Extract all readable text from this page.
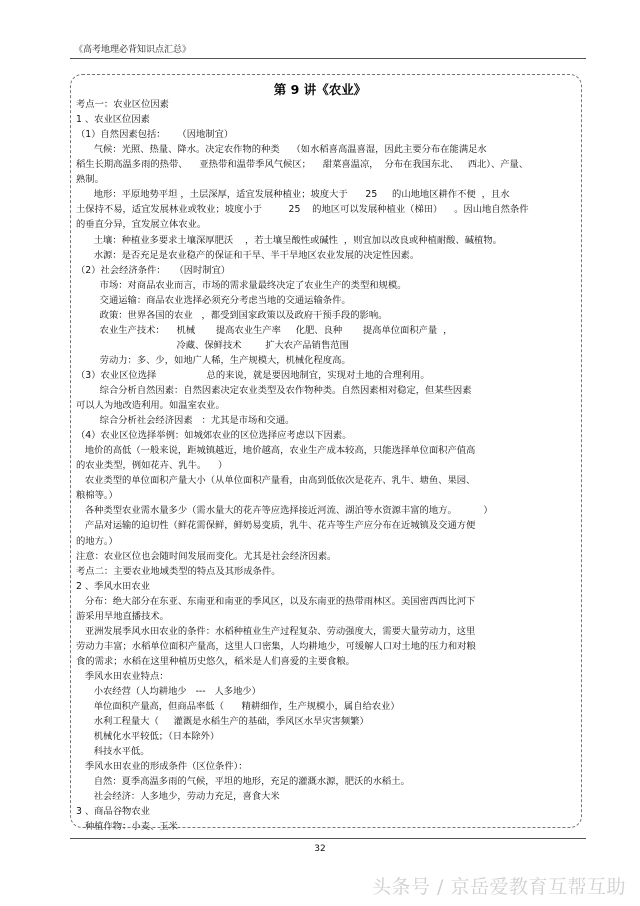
《高考地理必背知识点汇总》
第 9 讲《农业》
考点一：农业区位因素
1 、农业区位因素
（1）自然因素包括：    （因地制宜）
气候：光照、热量、降水。决定农作物的种类    （如水稻喜高温喜湿，因此主要分布在能满足水
稻生长期高温多雨的热带、    亚热带和温带季风气候区；    甜菜喜温凉，  分布在我国东北、   西北）、产量、
熟制。
地形：平原地势平坦 ，土层深厚，适宜发展种植业；坡度大于      25     的山地地区耕作不便  ，且水
土保持不易，适宜发展林业或牧业；坡度小于         25    的地区可以发展种植业（梯田）    。因山地自然条件
的垂直分异，宜发展立体农业。
土壤：种植业多要求土壤深厚肥沃    ，若土壤呈酸性或碱性  ，则宜加以改良或种植耐酸、碱植物。
水源：是否充足是农业稳产的保证和干旱、半干旱地区农业发展的决定性因素。
（2）社会经济条件：   （因时制宜）
市场：对商品农业而言，市场的需求量最终决定了农业生产的类型和规模。
交通运输：商品农业选择必须充分考虑当地的交通运输条件。
政策：世界各国的农业   ，都受到国家政策以及政府干预手段的影响。
农业生产技术：    机械       提高农业生产率     化肥、良种       提高单位面积产量  ，
冷藏、保鲜技术        扩大农产品销售范围
劳动力：多、少，如地广人稀，生产规模大，机械化程度高。
（3）农业区位选择                 总的来说，就是要因地制宜，实现对土地的合理利用。
综合分析自然因素：自然因素决定农业类型及农作物种类。自然因素相对稳定，但某些因素
可以人为地改造利用。如温室农业。
综合分析社会经济因素   ：尤其是市场和交通。
（4）农业区位选择举例：如城郊农业的区位选择应考虑以下因素。
地价的高低（一般来说，距城镇越近，地价越高，农业生产成本较高，只能选择单位面积产值高
的农业类型，例如花卉、乳牛。    ）
农业类型的单位面积产量大小（从单位面积产量看，由高到低依次是花卉、乳牛、塘鱼、果园、
粮棉等。）
各种类型农业需水量多少（需水量大的花卉等应选择接近河流、湖泊等水资源丰富的地方。         ）
产品对运输的迫切性（鲜花需保鲜，鲜奶易变质，乳牛、花卉等生产应分布在近城镇及交通方便
的地方。）
注意：农业区位也会随时间发展而变化。尤其是社会经济因素。
考点二：主要农业地域类型的特点及其形成条件。
2 、季风水田农业
分布：绝大部分在东亚、东南亚和南亚的季风区，以及东南亚的热带雨林区。美国密西西比河下
游采用旱地直播技术。
亚洲发展季风水田农业的条件：水稻种植业生产过程复杂、劳动强度大，需要大量劳动力，这里
劳动力丰富；水稻单位面积产量高，这里人口密集，人均耕地少，可缓解人口对土地的压力和对粮
食的需求；水稻在这里种植历史悠久，稻米是人们喜爱的主要食粮。
季风水田农业特点：
小农经营（人均耕地少   ---   人多地少）
单位面积产量高，但商品率低（      精耕细作，生产规模小，属自给农业）
水利工程量大（     灌溉是水稻生产的基础，季风区水旱灾害频繁）
机械化水平较低；（日本除外）
科技水平低。
季风水田农业的形成条件（区位条件）：
自然：夏季高温多雨的气候，平坦的地形，充足的灌溉水源，肥沃的水稻土。
社会经济：人多地少，劳动力充足，喜食大米
3 、商品谷物农业
种植作物：小麦、玉米
32
头条号 / 京岳爱教育互帮互助
